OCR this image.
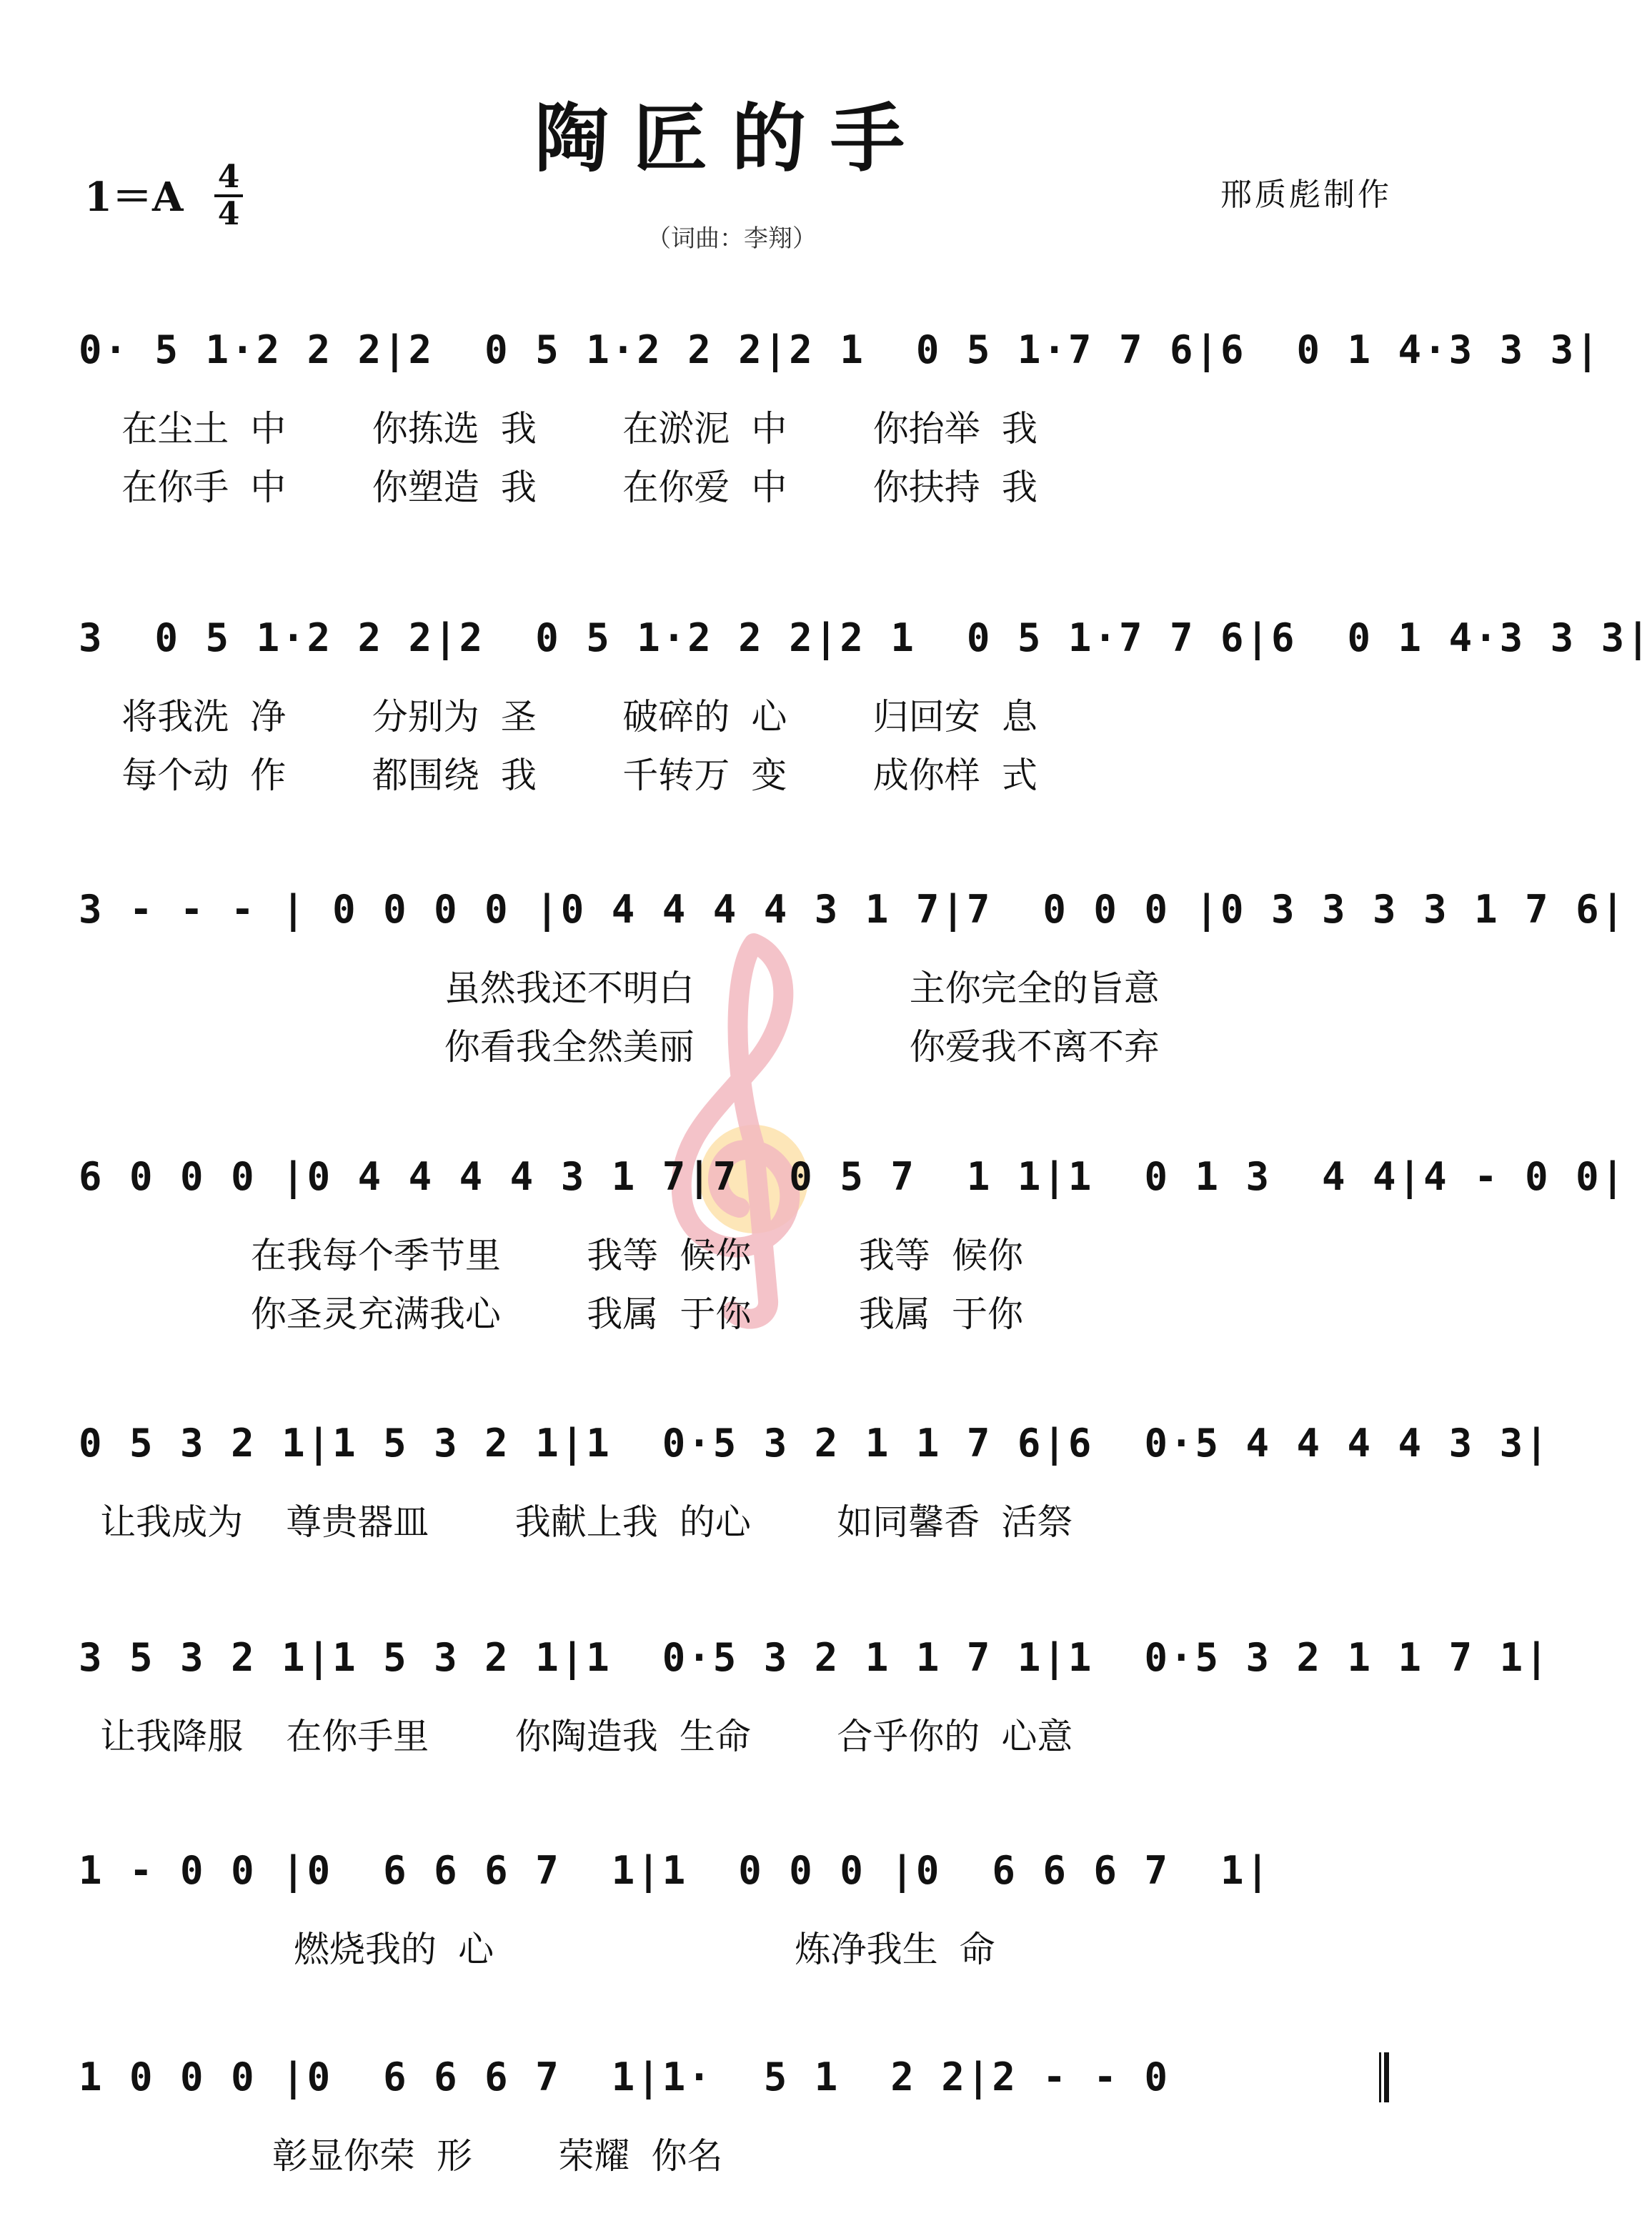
陶匠的手
（词曲：李翔）
邢质彪制作
1＝A 4
4
0· 5 1·2 2 2|2  0 5 1·2 2 2|2 1  0 5 1·7 7 6|6  0 1 4·3 3 3|
在尘土 中    你拣选 我    在淤泥 中    你抬举 我
在你手 中    你塑造 我    在你爱 中    你扶持 我
3  0 5 1·2 2 2|2  0 5 1·2 2 2|2 1  0 5 1·7 7 6|6  0 1 4·3 3 3|
将我洗 净    分别为 圣    破碎的 心    归回安 息
每个动 作    都围绕 我    千转万 变    成你样 式
3 - - - | 0 0 0 0 |0 4 4 4 4 3 1 7|7  0 0 0 |0 3 3 3 3 1 7 6|
虽然我还不明白          主你完全的旨意
你看我全然美丽          你爱我不离不弃
6 0 0 0 |0 4 4 4 4 3 1 7|7  0 5 7  1 1|1  0 1 3  4 4|4 - 0 0|
在我每个季节里    我等 候你     我等 候你
你圣灵充满我心    我属 于你     我属 于你
0 5 3 2 1|1 5 3 2 1|1  0·5 3 2 1 1 7 6|6  0·5 4 4 4 4 3 3|
让我成为  尊贵器皿    我献上我 的心    如同馨香 活祭
3 5 3 2 1|1 5 3 2 1|1  0·5 3 2 1 1 7 1|1  0·5 3 2 1 1 7 1|
让我降服  在你手里    你陶造我 生命    合乎你的 心意
1 - 0 0 |0  6 6 6 7  1|1  0 0 0 |0  6 6 6 7  1|
燃烧我的 心              炼净我生 命
1 0 0 0 |0  6 6 6 7  1|1·  5 1  2 2|2 - - 0
彰显你荣 形    荣耀 你名
